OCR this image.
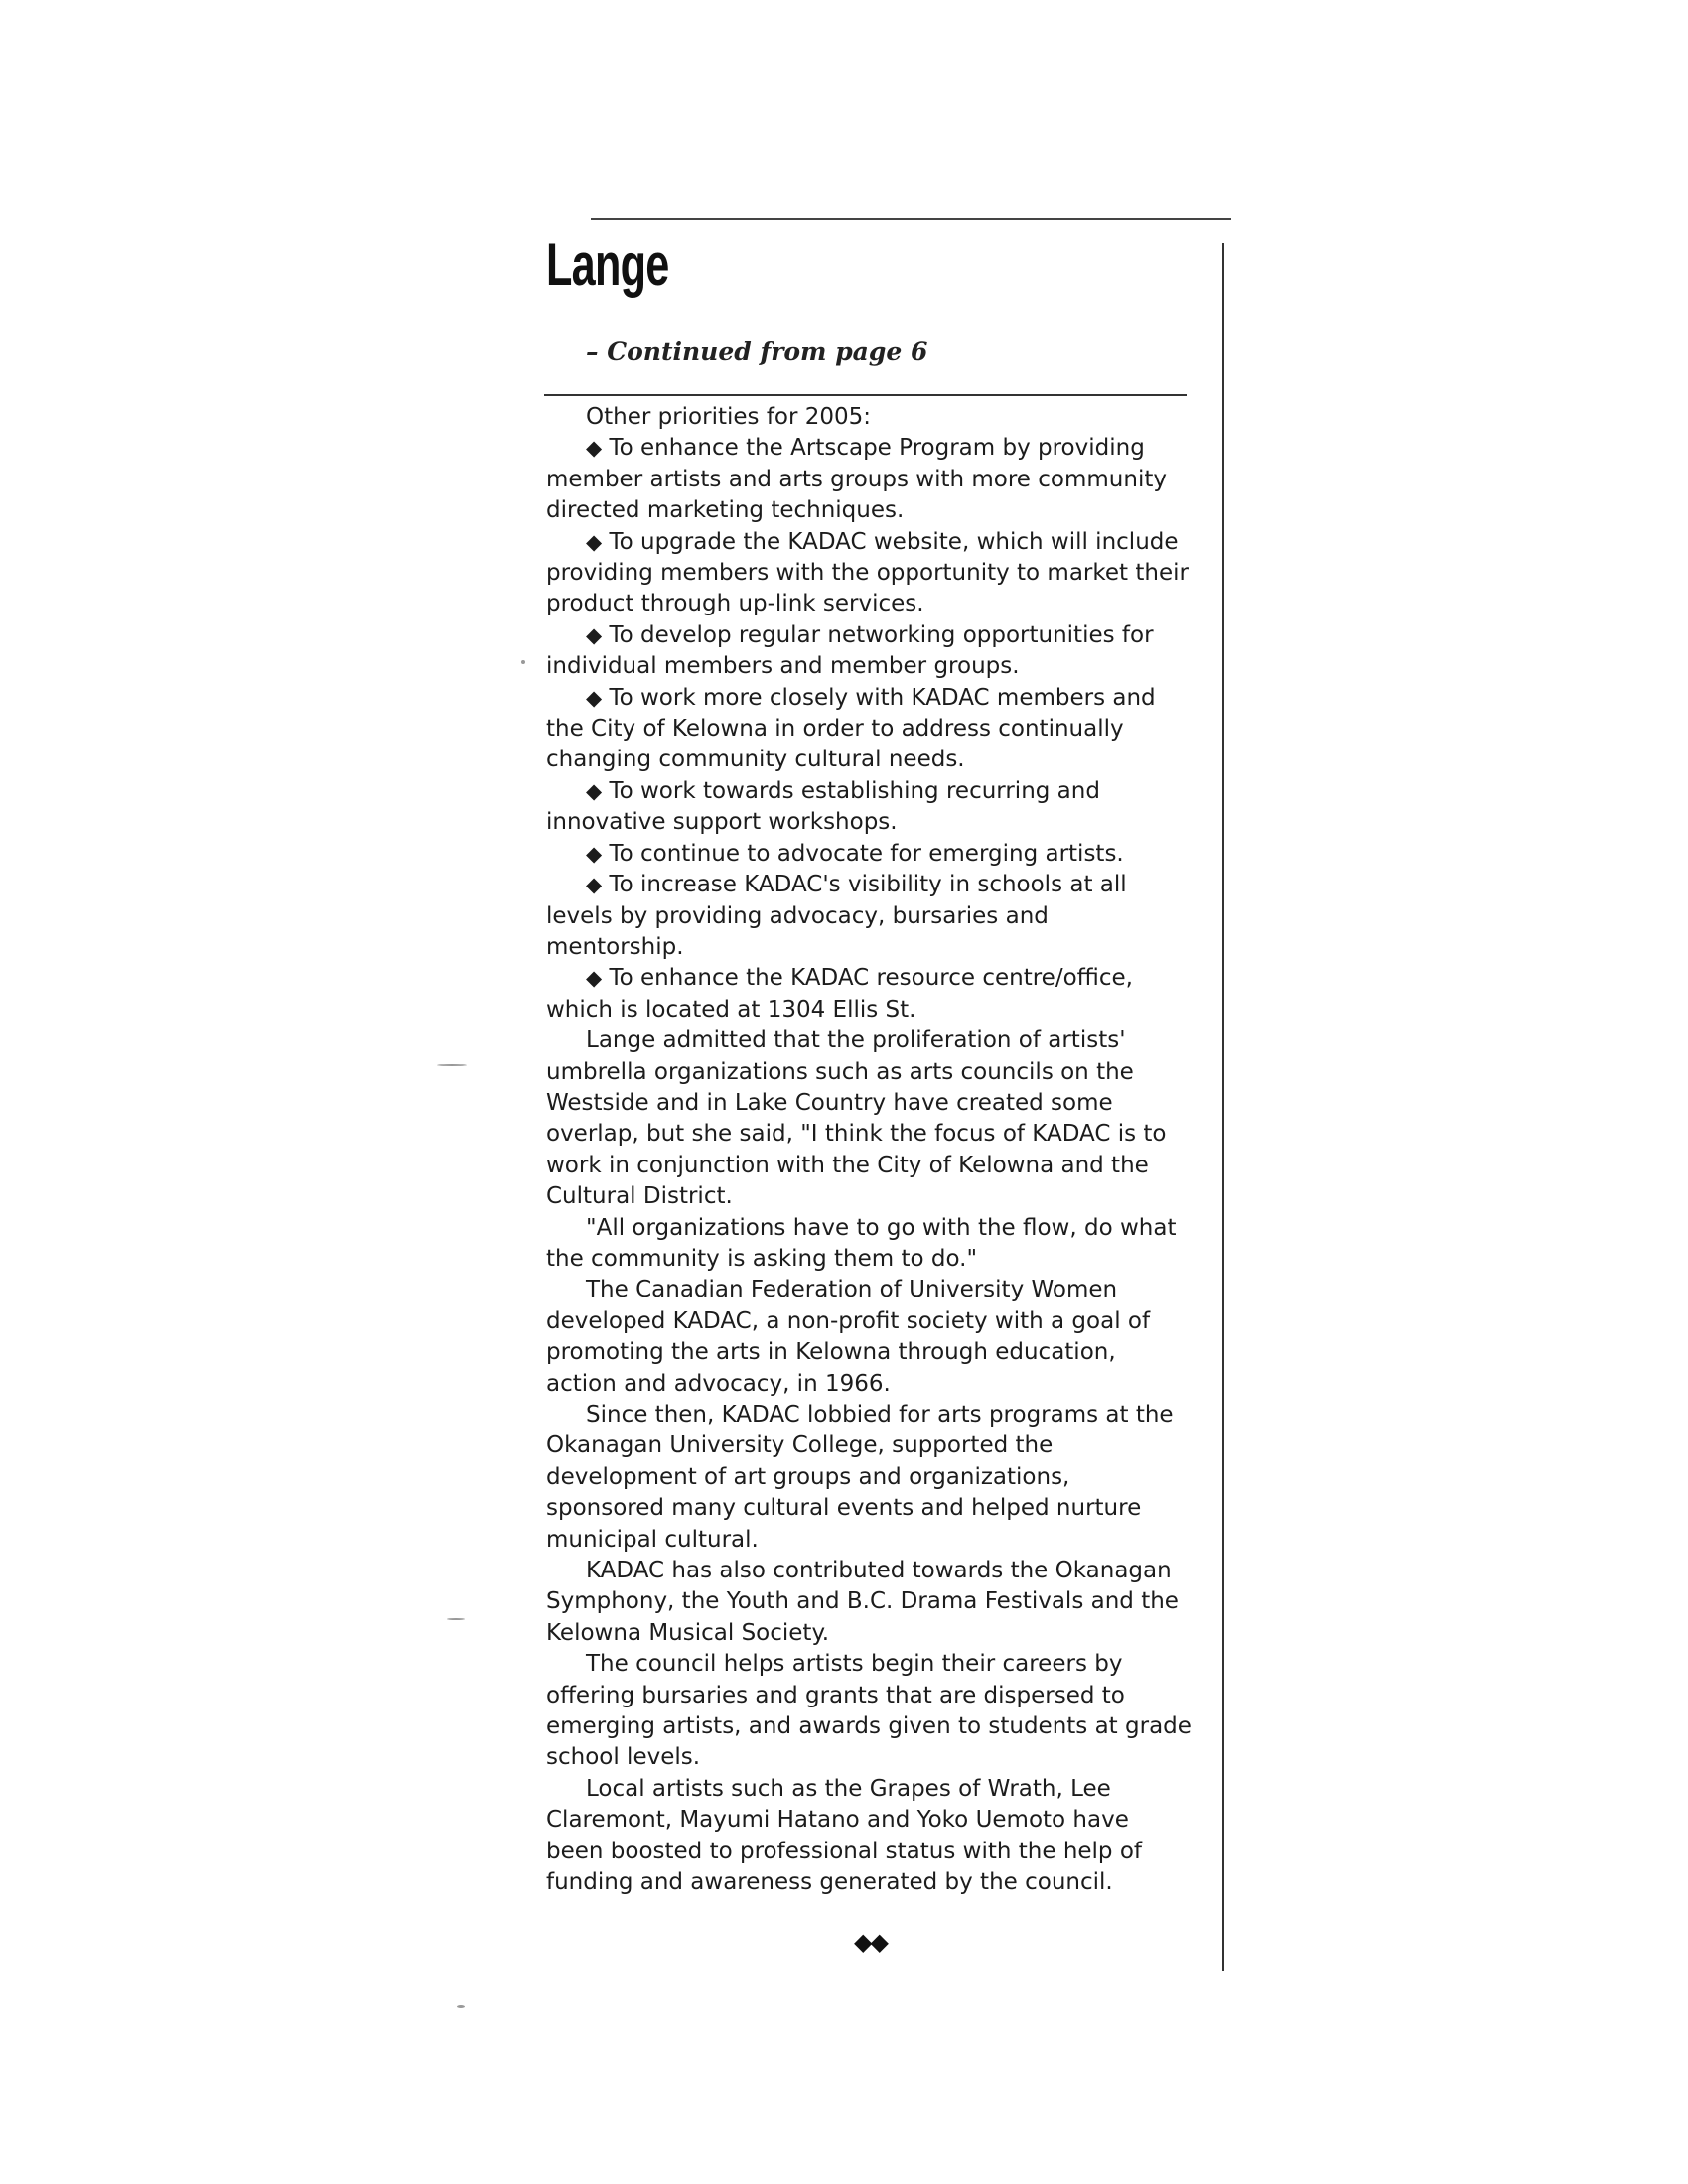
Lange
– Continued from page 6

Other priorities for 2005:

◆ To enhance the Artscape Program by providing member artists and arts groups with more community directed marketing techniques.

◆ To upgrade the KADAC website, which will include providing members with the opportunity to market their product through up-link services.

◆ To develop regular networking opportunities for individual members and member groups.

◆ To work more closely with KADAC members and the City of Kelowna in order to address continually changing community cultural needs.

◆ To work towards establishing recurring and innovative support workshops.

◆ To continue to advocate for emerging artists.

◆ To increase KADAC's visibility in schools at all levels by providing advocacy, bursaries and mentorship.

◆ To enhance the KADAC resource centre/office, which is located at 1304 Ellis St.

Lange admitted that the proliferation of artists' umbrella organizations such as arts councils on the Westside and in Lake Country have created some overlap, but she said, "I think the focus of KADAC is to work in conjunction with the City of Kelowna and the Cultural District.

"All organizations have to go with the flow, do what the community is asking them to do."

The Canadian Federation of University Women developed KADAC, a non-profit society with a goal of promoting the arts in Kelowna through education, action and advocacy, in 1966.

Since then, KADAC lobbied for arts programs at the Okanagan University College, supported the development of art groups and organizations, sponsored many cultural events and helped nurture municipal cultural.

KADAC has also contributed towards the Okanagan Symphony, the Youth and B.C. Drama Festivals and the Kelowna Musical Society.

The council helps artists begin their careers by offering bursaries and grants that are dispersed to emerging artists, and awards given to students at grade school levels.

Local artists such as the Grapes of Wrath, Lee Claremont, Mayumi Hatano and Yoko Uemoto have been boosted to professional status with the help of funding and awareness generated by the council.

◆◆
